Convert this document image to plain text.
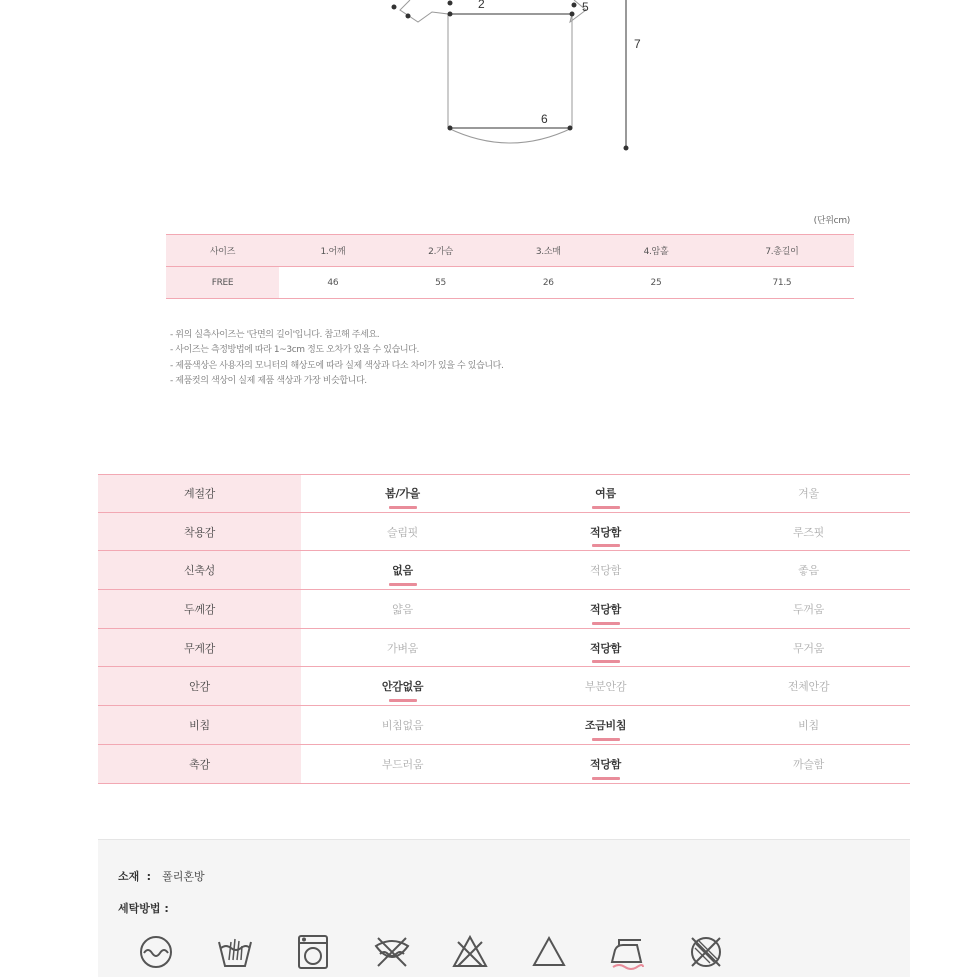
2	5
7
6
(단위cm)
사이즈	1.어깨	2.가슴	3.소매	4.암홀	7.총길이
FREE	46	55	26	25	71.5
- 위의 실측사이즈는 '단면의 길이'입니다. 참고해 주세요.
- 사이즈는 측정방법에 따라 1~3cm 정도 오차가 있을 수 있습니다.
- 제품색상은 사용자의 모니터의 해상도에 따라 실제 색상과 다소 차이가 있을 수 있습니다.
- 제품컷의 색상이 실제 제품 색상과 가장 비슷합니다.
계절감	봄/가을	여름	겨울
착용감	슬림핏	적당함	루즈핏
신축성	없음	적당함	좋음
두께감	얇음	적당함	두꺼움
무게감	가벼움	적당함	무거움
안감	안감없음	부분안감	전체안감
비침	비침없음	조금비침	비침
촉감	부드러움	적당함	까슬함
소재  :   폴리혼방
세탁방법 :
